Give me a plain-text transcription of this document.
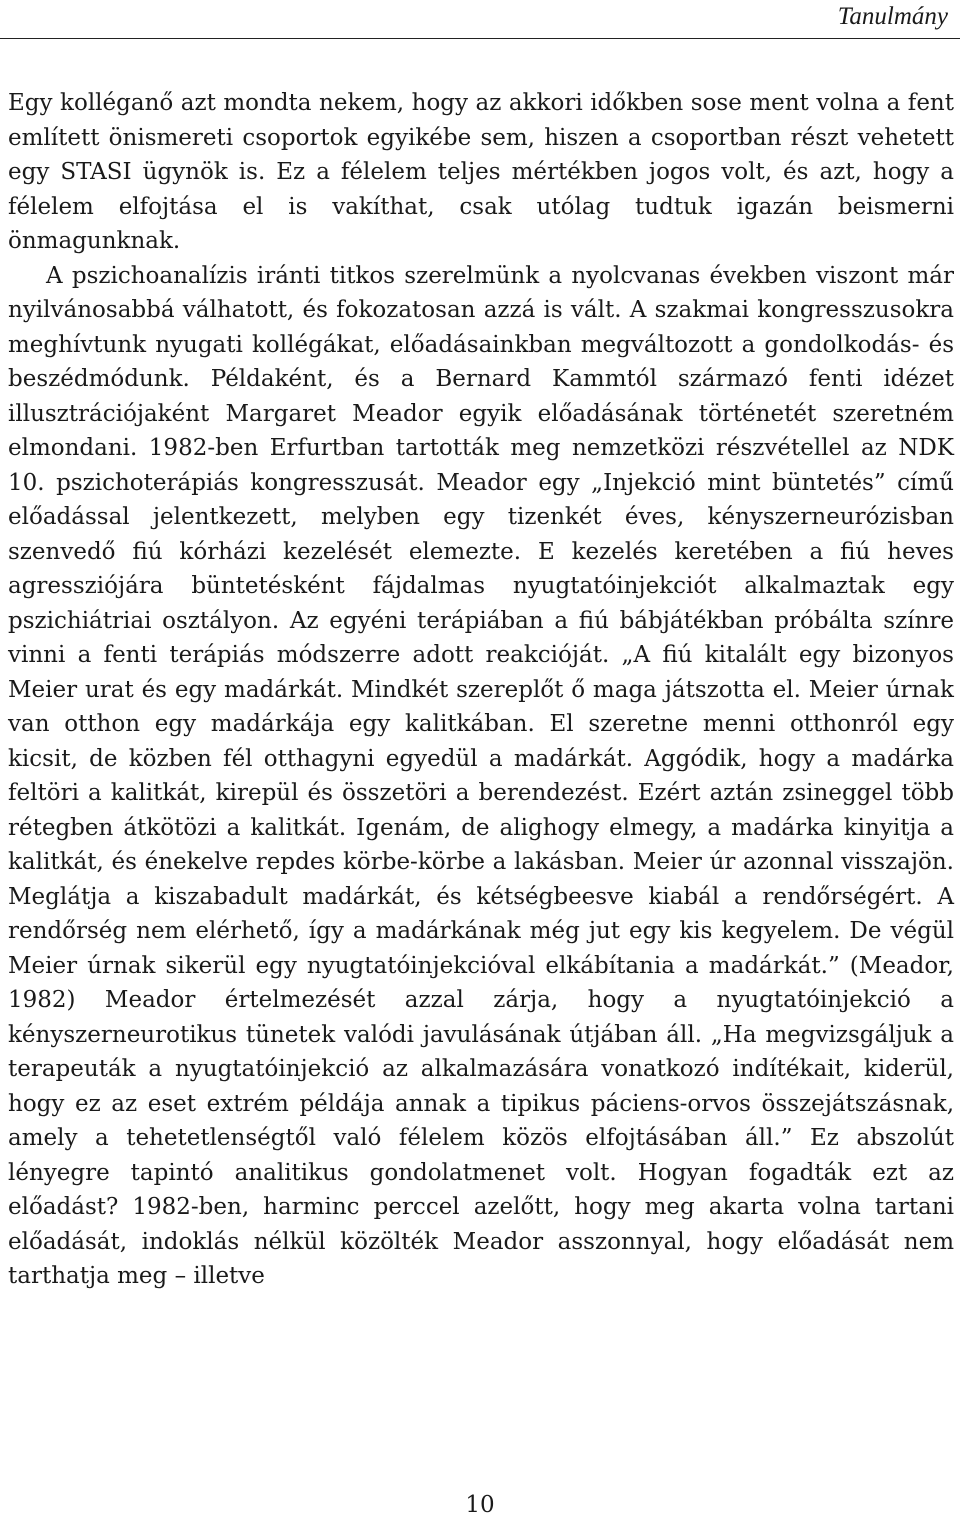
Tanulmány

Egy kolléganő azt mondta nekem, hogy az akkori időkben sose ment volna a fent említett önismereti csoportok egyikébe sem, hiszen a csoportban részt vehetett egy STASI ügynök is. Ez a félelem teljes mértékben jogos volt, és azt, hogy a félelem elfojtása el is vakíthat, csak utólag tudtuk igazán beismerni önmagunknak.

A pszichoanalízis iránti titkos szerelmünk a nyolcvanas években viszont már nyilvánosabbá válhatott, és fokozatosan azzá is vált. A szakmai kongresszusokra meghívtunk nyugati kollégákat, előadásainkban megváltozott a gondolkodás- és beszédmódunk. Példaként, és a Bernard Kammtól származó fenti idézet illusztrációjaként Margaret Meador egyik előadásának történetét szeretném elmondani. 1982-ben Erfurtban tartották meg nemzetközi részvétellel az NDK 10. pszichoterápiás kongresszusát. Meador egy „Injekció mint büntetés” című előadással jelentkezett, melyben egy tizenkét éves, kényszerneurózisban szenvedő fiú kórházi kezelését elemezte. E kezelés keretében a fiú heves agressziójára büntetésként fájdalmas nyugtatóinjekciót alkalmaztak egy pszichiátriai osztályon. Az egyéni terápiában a fiú bábjátékban próbálta színre vinni a fenti terápiás módszerre adott reakcióját. „A fiú kitalált egy bizonyos Meier urat és egy madárkát. Mindkét szereplőt ő maga játszotta el. Meier úrnak van otthon egy madárkája egy kalitkában. El szeretne menni otthonról egy kicsit, de közben fél otthagyni egyedül a madárkát. Aggódik, hogy a madárka feltöri a kalitkát, kirepül és összetöri a berendezést. Ezért aztán zsineggel több rétegben átkötözi a kalitkát. Igenám, de alighogy elmegy, a madárka kinyitja a kalitkát, és énekelve repdes körbe-körbe a lakásban. Meier úr azonnal visszajön. Meglátja a kiszabadult madárkát, és kétségbeesve kiabál a rendőrségért. A rendőrség nem elérhető, így a madárkának még jut egy kis kegyelem. De végül Meier úrnak sikerül egy nyugtatóinjekcióval elkábítania a madárkát.” (Meador, 1982) Meador értelmezését azzal zárja, hogy a nyugtatóinjekció a kényszerneurotikus tünetek valódi javulásának útjában áll. „Ha megvizsgáljuk a terapeuták a nyugtatóinjekció az alkalmazására vonatkozó indítékait, kiderül, hogy ez az eset extrém példája annak a tipikus páciens-orvos összejátszásnak, amely a tehetetlenségtől való félelem közös elfojtásában áll.” Ez abszolút lényegre tapintó analitikus gondolatmenet volt. Hogyan fogadták ezt az előadást? 1982-ben, harminc perccel azelőtt, hogy meg akarta volna tartani előadását, indoklás nélkül közölték Meador asszonnyal, hogy előadását nem tarthatja meg – illetve

10
